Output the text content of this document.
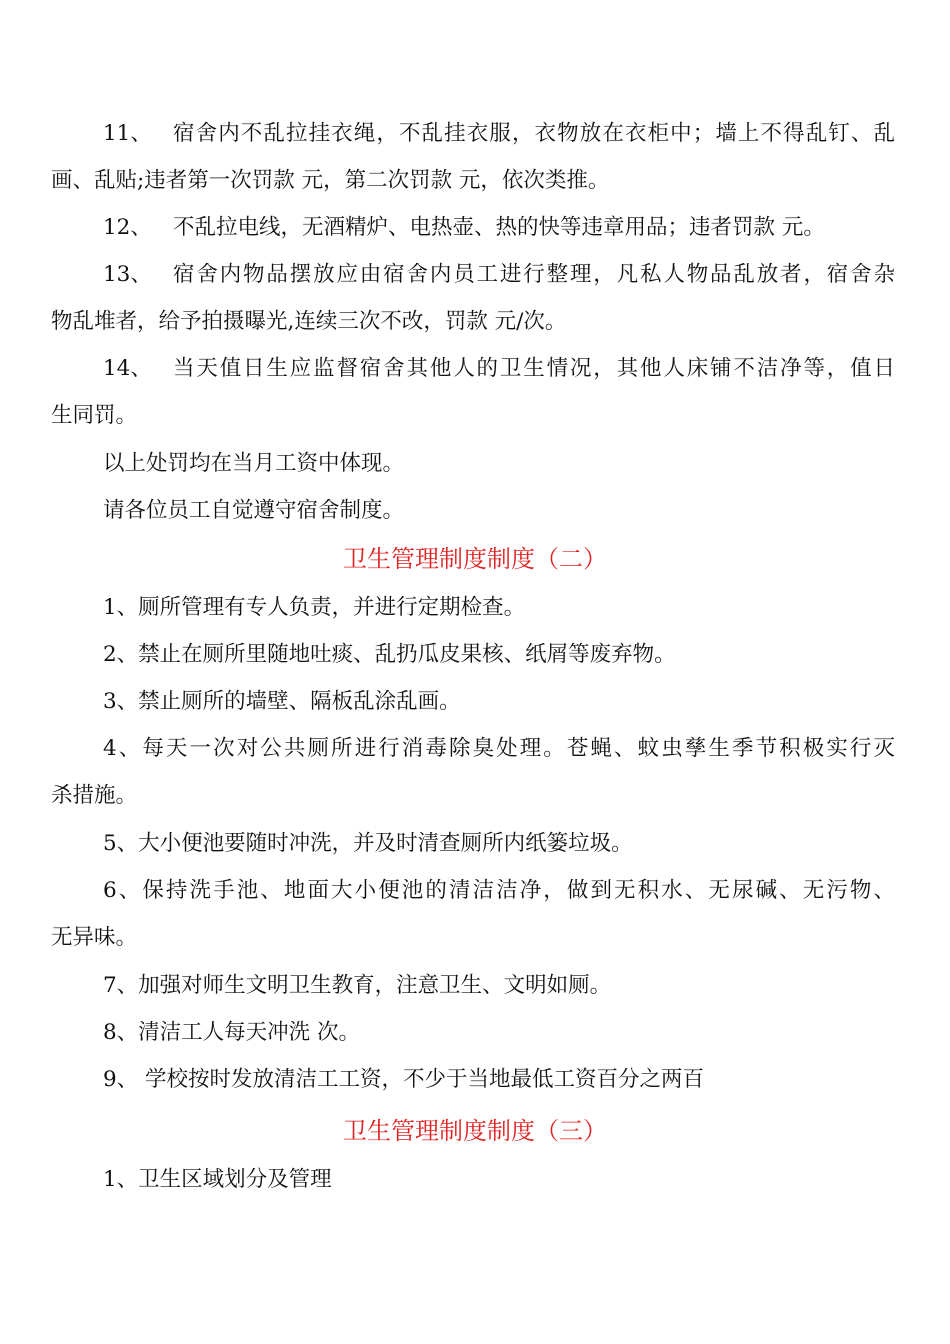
11、 宿舍内不乱拉挂衣绳，不乱挂衣服，衣物放在衣柜中；墙上不得乱钉、乱
画、乱贴;违者第一次罚款 元，第二次罚款 元，依次类推。
12、 不乱拉电线，无酒精炉、电热壶、热的快等违章用品；违者罚款 元。
13、 宿舍内物品摆放应由宿舍内员工进行整理，凡私人物品乱放者，宿舍杂
物乱堆者，给予拍摄曝光,连续三次不改，罚款 元/次。
14、 当天值日生应监督宿舍其他人的卫生情况，其他人床铺不洁净等，值日
生同罚。
以上处罚均在当月工资中体现。
请各位员工自觉遵守宿舍制度。
卫生管理制度制度（二）
1、厕所管理有专人负责，并进行定期检查。
2、禁止在厕所里随地吐痰、乱扔瓜皮果核、纸屑等废弃物。
3、禁止厕所的墙壁、隔板乱涂乱画。
4、每天一次对公共厕所进行消毒除臭处理。苍蝇、蚊虫孳生季节积极实行灭
杀措施。
5、大小便池要随时冲洗，并及时清查厕所内纸篓垃圾。
6、保持洗手池、地面大小便池的清洁洁净，做到无积水、无尿碱、无污物、
无异味。
7、加强对师生文明卫生教育，注意卫生、文明如厕。
8、清洁工人每天冲洗 次。
9、 学校按时发放清洁工工资，不少于当地最低工资百分之两百
卫生管理制度制度（三）
1、卫生区域划分及管理
